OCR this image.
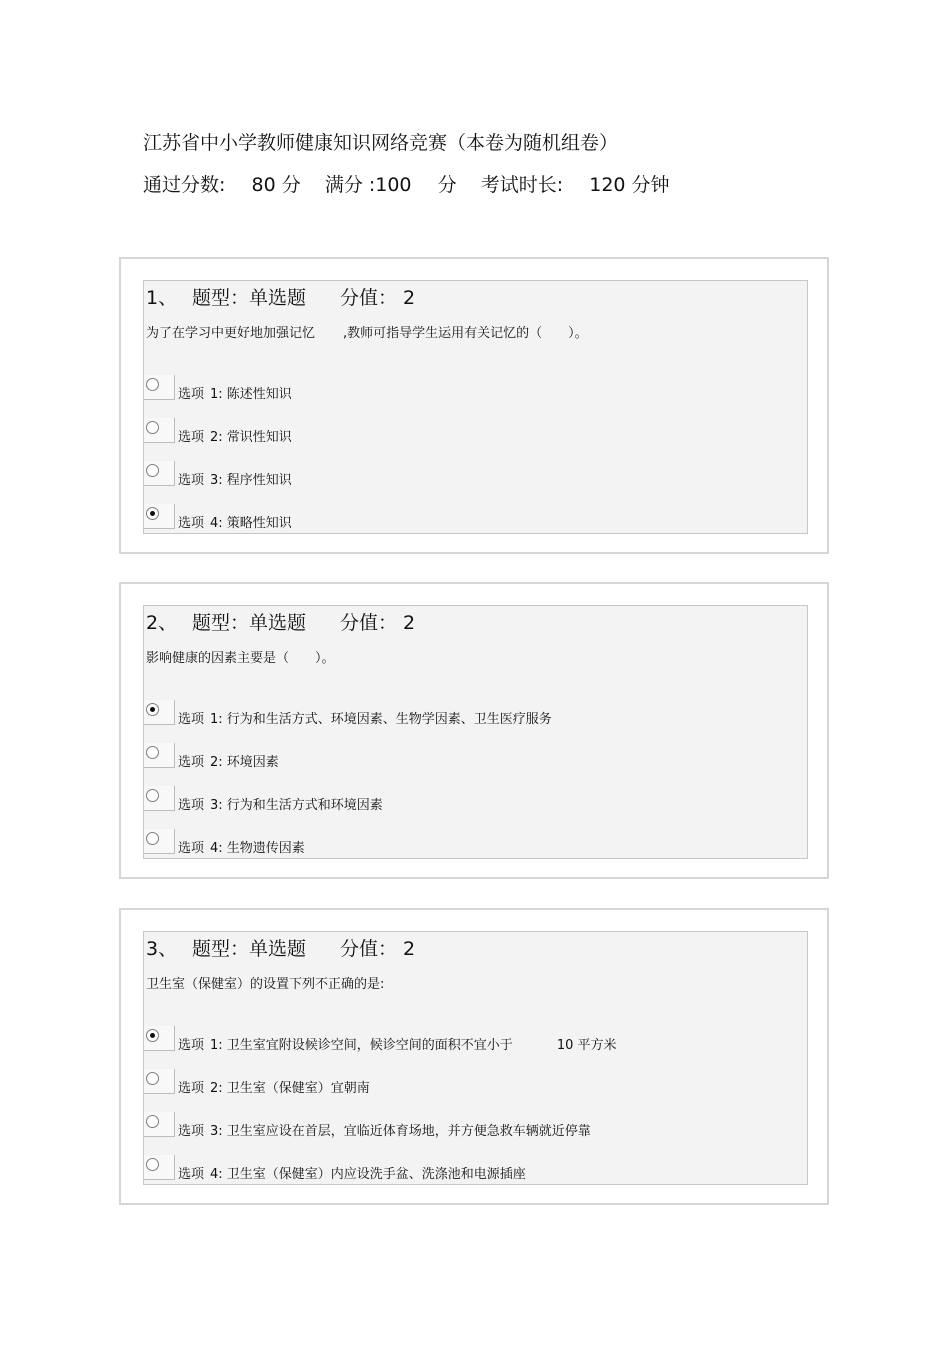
江苏省中小学教师健康知识网络竞赛（本卷为随机组卷）
通过分数: 80 分 满分 :100 分 考试时长: 120 分钟
1、 题型：单选题 分值： 2
为了在学习中更好地加强记忆 ,教师可指导学生运用有关记忆的（　　）。
选项 1: 陈述性知识
选项 2: 常识性知识
选项 3: 程序性知识
选项 4: 策略性知识
2、 题型：单选题 分值： 2
影响健康的因素主要是（　　）。
选项 1: 行为和生活方式、环境因素、生物学因素、卫生医疗服务
选项 2: 环境因素
选项 3: 行为和生活方式和环境因素
选项 4: 生物遗传因素
3、 题型：单选题 分值： 2
卫生室（保健室）的设置下列不正确的是:
选项 1: 卫生室宜附设候诊空间，候诊空间的面积不宜小于	10 平方米
选项 2: 卫生室（保健室）宜朝南
选项 3: 卫生室应设在首层，宜临近体育场地，并方便急救车辆就近停靠
选项 4: 卫生室（保健室）内应设洗手盆、洗涤池和电源插座
